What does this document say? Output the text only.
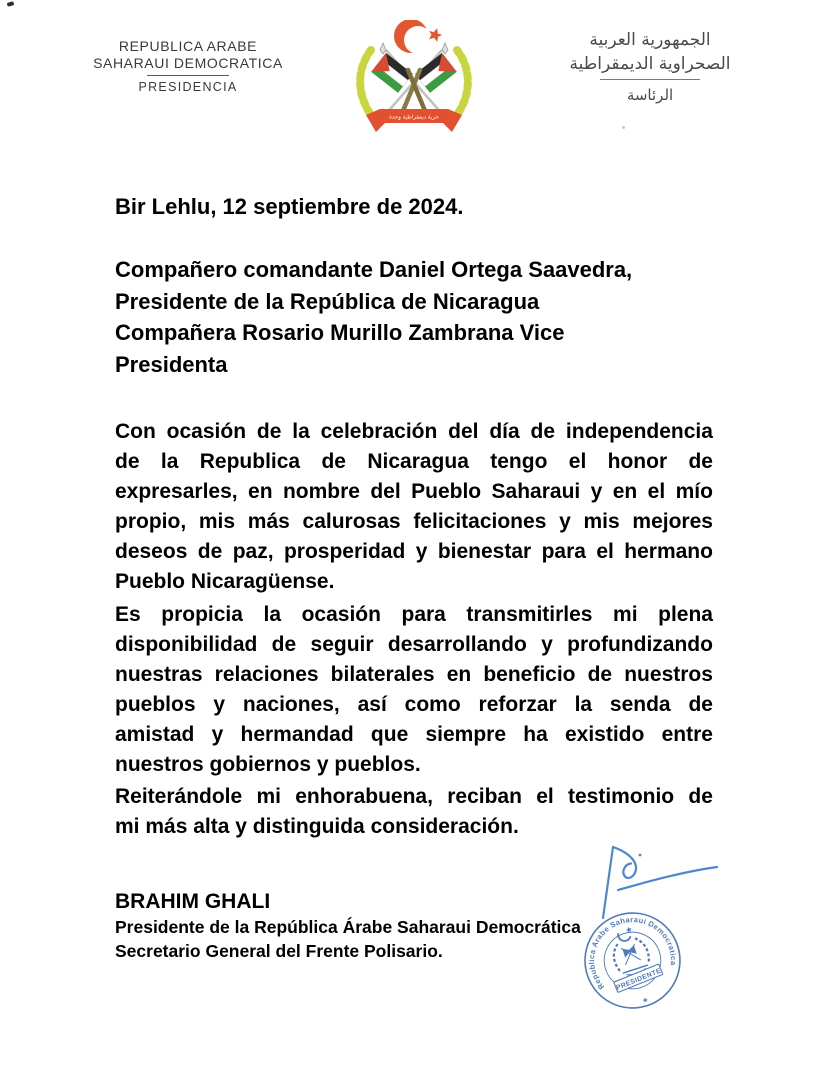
REPUBLICA ARABE
SAHARAUI DEMOCRATICA
PRESIDENCIA
حرية ديمقراطية وحدة
الجمهورية العربية
الصحراوية الديمقراطية
الرئاسة
Bir Lehlu, 12 septiembre de 2024.
Compañero comandante Daniel Ortega Saavedra,
Presidente de la República de Nicaragua
Compañera Rosario Murillo Zambrana Vice
Presidenta
Con ocasión de la celebración del día de independencia
de la Republica de Nicaragua tengo el honor de
expresarles, en nombre del Pueblo Saharaui y en el mío
propio, mis más calurosas felicitaciones y mis mejores
deseos de paz, prosperidad y bienestar para el hermano
Pueblo Nicaragüense.
Es propicia la ocasión para transmitirles mi plena
disponibilidad de seguir desarrollando y profundizando
nuestras relaciones bilaterales en beneficio de nuestros
pueblos y naciones, así como reforzar la senda de
amistad y hermandad que siempre ha existido entre
nuestros gobiernos y pueblos.
Reiterándole mi enhorabuena, reciban el testimonio de
mi más alta y distinguida consideración.
BRAHIM GHALI
Presidente de la República Árabe Saharaui Democrática
Secretario General del Frente Polisario.
Republica Arabe Saharaui Democratica
★
PRESIDENTE
